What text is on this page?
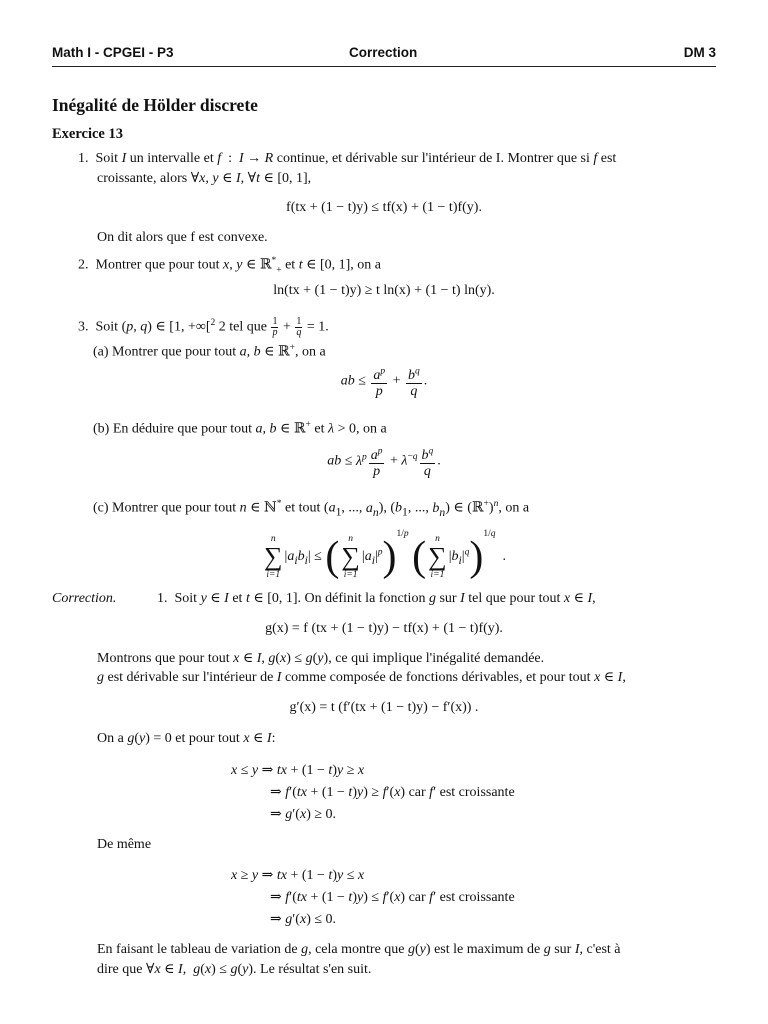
Math I - CPGEI - P3	Correction	DM 3
Inégalité de Hölder discrete
Exercice 13
1. Soit I un intervalle et f  :  I → R continue, et dérivable sur l'intérieur de I. Montrer que si f est
croissante, alors ∀x, y ∈ I, ∀t ∈ [0, 1],
f(tx + (1 − t)y) ≤ tf(x) + (1 − t)f(y).
On dit alors que f est convexe.
2. Montrer que pour tout x, y ∈ ℝ*$_+$ et t ∈ [0, 1], on a
ln(tx + (1 − t)y) ≥ t ln(x) + (1 − t) ln(y).
3. Soit (p, q) ∈ [1, +∞[$^2$ 2 tel que $\frac{1}{p} + \frac{1}{q} = 1$.
(a) Montrer que pour tout a, b ∈ ℝ+, on a
ab ≤ $\frac{a^p}{p} + \frac{b^q}{q}$ .
(b) En déduire que pour tout a, b ∈ ℝ+ et λ > 0, on a
ab ≤ $\lambda^p \frac{a^p}{p} + \lambda^{-q} \frac{b^q}{q}$ .
(c) Montrer que pour tout n ∈ ℕ* et tout ($a_1$, ..., $a_n$), ($b_1$, ..., $b_n$) ∈ (ℝ+)$^n$, on a
n
∑
i=1
$|a_ib_i|$ ≤ ( n
∑
i=1
$|a_i|^p)^{1/p}$ ( n
∑
i=1
$|b_i|^q)^{1/q}$  .
Correction.	1. Soit y ∈ I et t ∈ [0, 1]. On définit la fonction g sur I tel que pour tout x ∈ I,
g(x) = f (tx + (1 − t)y) − tf(x) + (1 − t)f(y).
Montrons que pour tout x ∈ I, g(x) ≤ g(y), ce qui implique l'inégalité demandée.
g est dérivable sur l'intérieur de I comme composée de fonctions dérivables, et pour tout x ∈ I,
g′(x) = t (f′(tx + (1 − t)y) − f′(x)) .
On a g(y) = 0 et pour tout x ∈ I:
x ≤ y ⇒ tx + (1 − t)y ≥ x
⇒ f′(tx + (1 − t)y) ≥ f′(x) car f′ est croissante
⇒ g′(x) ≥ 0.
De même
x ≥ y ⇒ tx + (1 − t)y ≤ x
⇒ f′(tx + (1 − t)y) ≤ f′(x) car f′ est croissante
⇒ g′(x) ≤ 0.
En faisant le tableau de variation de g, cela montre que g(y) est le maximum de g sur I, c'est à
dire que ∀x ∈ I,  g(x) ≤ g(y). Le résultat s'en suit.
